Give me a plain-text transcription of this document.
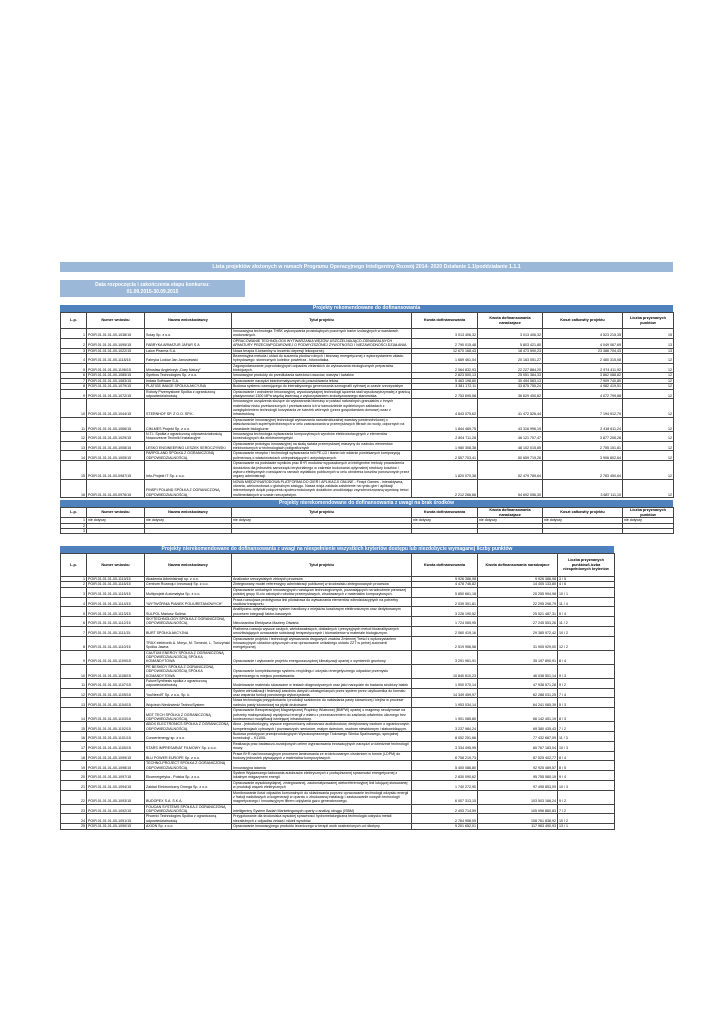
Lista projektów złożonych w ramach Programu Operacyjnego Inteligentny Rozwój 2014- 2020 Działanie 1.1/poddziałanie 1.1.1
Data rozpoczęcia i zakończenia etapu konkursu:
01.09.2015-30.09.2015
Projekty rekomendowane do dofinansowania
L.p.	Numer wniosku	Nazwa wnioskodawcy	Tytuł projektu	Kwota dofinansowania	Kwota dofinansowania naradzajace	Koszt całkowity projektu	Liczba przyznanych punktów
1	POIR.01.01.01-00-1038/15	Solay Sp. z o.o.	Innowacyjna technologia THBK wykonywania prostokątnych pozornych barier izolacyjnych w warstwach wodonośnych.	3 013 406,32	3 013 406,32	4 523 215,35	15
2	POIR.01.01.01-00-1095/15	FABRYKA ARMATUR JAFAR S.A	OPRACOWANIE TECHNOLOGII WYTWARZANIA WĘŻÓW USZCZELNIAJĄCO-ODNAWIALNYCH ARMATURY PRZECIWPOŻAROWEJ O PODWYŻSZONEJ ŻYWOTNOŚCI I NIEZAWODNOŚCI DZIAŁANIA	2 790 015,48	5 803 421,80	4 049 067,69	13
3	POIR.01.01.01-00-1022/15	Lalon Pharma S.A.	Nowa terapia Il-ketaminy w leczeniu depresji lekoopornej.	12 670 168,43	18 473 590,23	23 386 704,43	13
4	POIR.01.01.01-00-1118/15	Fabryka Lodów Jan Janusiewski	Bezemisyjna metoda i układ do suszenia płodów rolnych i biomasy energetycznej z wykorzystaniem układu hybrydowego: słonecznych kolektor powietrza - fotowoltaika.	1 689 461,04	20 163 051,27	2 480 315,08	12
5	POIR.01.01.01-00-1106/15	Mirosław Angielczyk „Dary Natury”	Zagospodarowanie poprodukcyjnych odpadów zielarskich do wytwarzania ekologicznych preparatów biobójczych.	2 064 832,93	22 227 884,20	2 974 411,92	12
6	POIR.01.01.01-00-1085/15	Synthos Technologies Sp. z o.o.	Innowacyjne produkty do przedłużania świeżości owoców, warzyw i kwiatów	2 823 500,13	25 051 384,33	3 862 088,82	12
7	POIR.01.01.01-00-1083/15	Indata Software S.A.	Opracowanie narzędzi bioinformatycznych do poszukiwania leków	5 463 198,80	30 494 583,13	7 909 740,80	12
8	POIR.01.01.01-00-1079/15	PLATIGE IMAGE SPÓŁKA AKCYJNA	Budowa systemu ozonującego do interaktywnego generowania szorognafii cyfrowej w czasie rzeczywistym	3 381 172,11	33 875 755,24	4 982 419,51	12
9	POIR.01.01.01-00-1072/15	Roboty Przemysłowe Spółka z ograniczoną odpowiedzialnością	Opracowanie i wdrożenie innowacyjnej, wysokowydajnej technologii łączenia stali wysokowytrzymałej z granicą plastyczności 1300 MPa wiązką laserową z wykorzystaniem zrobotyzowanego stanowiska.	2 753 695,58	36 629 450,82	4 072 799,88	12
10	POIR.01.01.01-00-1044/15	STERNHOF SP. Z O.O. SP.K.	Innowacyjne urządzenia służące do wytwarzania biomasy w postaci naturalnych granulatów z innych materiałów nisko przetworzonych i przetwarzania ich w samodzielnie wydzielonych zakładach z uwzględnieniem technologii korzystania ze ścieżek wtórnych (przez gospodarstwa domowe) wraz z infrastrukturą.	4 843 075,62	41 472 526,44	7 194 912,79	12
11	POIR.01.01.01-00-1066/15	CIM-MES Projekt Sp. z o.o.	Opracowanie innowacyjnej technologii wytwarzania nanostrukturalnej warstwy powierzchniowej o właściwościach superhydrofobowych w celu zastosowania w przemysłowych filtrach do wody, odpornych na zarastanie biologiczne	1 844 469,75	43 316 996,19	2 418 611,24	12
12	POIR.01.01.01-00-1029/15	N.T.I. Spółka z ograniczoną odpowiedzialnością Nowoczesne Techniki Instalacyjne	Innowacyjna technologia wytwarzania kompozytowych wyrobów elektroizolacyjnych z elementów konstrukcyjnych dla elektroenergetyki	2 804 711,28	46 121 707,47	3 877 206,28	12
13	POIR.01.01.01-00-1008/15	LESKO ENGINEERING LESZEK SEROCZYŃSKI	Opracowanie prototypu innowacyjnej na skalę świata przemysłowej maszyny do nadruku elementów elektronicznych w technologiach poligraficznych	1 980 308,38	48 102 015,85	2 755 151,81	12
14	POIR.01.01.01-00-1005/15	PARPOLAND SPÓŁKA Z OGRANICZONĄ ODPOWIEDZIALNOŚCIĄ	Opracowanie receptur i technologii wytwarzania folii PE-LD i tkanin lub włóknin powlekanych kompozycją polimerową o właściwościach uniepalniających i antystatycznych.	2 557 703,41	50 659 719,26	3 906 802,64	12
15	POIR.01.01.01-00-0987/15	Info-Projekt IT Sp. z o.o.	Opracowanie na podstawie wyników prac B+R modułów wyposażonych w inteligentne metody prowadzenia doradztwa dla jednostek samorządu terytorialnego w zakresie budowania optymalnej struktury kosztów i wyboru efektywnych rozwiązań w ramach wydatków publicznych w celu obniżenia kosztów ponoszonych przez organy administracji.	1 820 070,38	52 479 789,64	2 783 450,64	12
16	POIR.01.01.01-00-0976/15	FINSPI POLAND SPÓŁKA Z OGRANICZONĄ ODPOWIEDZIALNOŚCIĄ	NOWA MIĘDZYNARODOWA PLATFORMA DO GIER I APLIKACJI ONLINE - Finspi Games - interaktywna, otwarta, wieloosobowa o globalnym zasięgu. Nasza wizja zakłada zaistnienie na rynku gier i aplikacji internetowych dzięki połączeniu społecznościowych dodatków umożliwiając zsynchronizowaną wymianę treści multimedialnych w czasie rzeczywistym.	2 212 266,66	54 692 056,30	3 687 111,10	12
Projekty nierekomendowane do dofinansowania z uwagi na brak środków
L.p.	Numer wniosku	Nazwa wnioskodawcy	Tytuł projektu	Kwota dofinansowania	Kwota dofinansowania naradzajace	Koszt całkowity projektu	Liczba przyznanych punktów
1	nie dotyczy	nie dotyczy	nie dotyczy	nie dotyczy	nie dotyczy	nie dotyczy	nie dotyczy
2							
3							
Projekty nierekomendowane do dofinansowania z uwagi na niespełnienie wszystkich kryteriów dostępu lub niezdobycie wymaganej liczby punktów
L.p.	Numer wniosku	Nazwa wnioskodawcy	Tytuł projektu	Kwota dofinansowania	Kwota dofinansowania naradzajace	Liczba przyznanych punktów/Liczba niespełnionych kryteriów
1	POIR.01.01.01-00-1119/15	Akademia Administracji sp. z o.o.	Analizator rzeczywistych zbiorych procesów	9 926 386,98	9 926 386,98	3 / 5
2	POIR.01.01.01-00-1116/15	Centrum Rozwoju i Innowacji Sp. z o.o.	Zintegrowany model referencyjny administracji publicznej w środowisku zintegrowanych procesów	4 478 746,82	14 405 133,80	4 / 6
3	POIR.01.01.01-00-1115/15	Multiprojekt Automatyka Sp. z o.o.	Opracowanie unikalnych innowacyjnych rozwiązań technologicznych, pozwalających na wdrożenie pierwszej polskiej grupy III-cio osiowych robotów przemysłowych, zbudowanych z materiałów kompozytowych.	5 850 661,18	20 255 994,98	10 / 1
4	POIR.01.01.01-00-1114/15	“WYTWÓRNIA PIANEK POLIURETANOWYCH”	Praca rozwojowa prototypowa linii pilotażowa do wytwarzania elementów wibroizolacyjnych na potrzeby środków transportu.	2 039 301,81	22 295 296,79	11 / 4
5	POIR.01.01.01-00-1113/15	SULPOL Mariusz Sulima	Analityczno-optymalizacyjny system handlowy z miejsków kosztowym elektronicznym oraz dedykowanym procesem integracji faktur-kasowych.	3 226 190,52	25 521 487,31	5 / 4
6	POIR.01.01.01-00-1112/15	SKYTECHNOLOGY SPÓŁKA Z OGRANICZONĄ ODPOWIEDZIALNOŚCIĄ	Nieczwardna Efektywna Maziery Otwarta	1 724 065,95	27 245 553,26	11 / 2
7	POIR.01.01.01-00-1111/15	BURT SPÓŁKA AKCYJNA	Platforma rozwoju wysoce czułych, wielokanałowych, dokładnych i precyzyjnych metod bioanalitycznych umożliwiających oznaczanie substancji terapeutycznych i biomarkerów w materiale biologicznym.	2 060 419,16	29 385 972,42	10 / 2
8	POIR.01.01.01-00-1110/15	TRAX elektronik A. Moryc, M. Tomecki, L. Turczyński Spółka Jawna	Opracowanie projektu i technologii wytwarzania drogowych znaków Zmiennej Treści z wykorzystaniem innowacyjnych układów optycznych oraz opracowanie unikalnego układu ZZT w pełnej autonomii energetycznej.	2 519 956,58	31 905 929,00	12 / 2
9	POIR.01.01.01-00-1109/15	CAUTUM ENERGY SPÓŁKA Z OGRANICZONĄ ODPOWIEDZIALNOŚCIĄ SPÓŁKA KOMANDYTOWA	Opracowanie i wykonanie projektu energooszczędnej klimatyzacji opartej o wymiennik gruntowy.	3 291 961,91	35 197 890,91	8 / 4
10	POIR.01.01.01-00-1108/15	PE BESKIDY SPÓŁKA Z OGRANICZONĄ ODPOWIEDZIALNOŚCIĄ SPÓŁKA KOMANDYTOWA	Opracowanie kompleksowego systemu recyklingu i odzysku energetycznego odpadów przemysłu papierniczego w miejscu powstawania.	10 840 610,23	46 038 501,14	9 / 3
11	POIR.01.01.01-00-1107/15	FutureSynthesis spółka z ograniczoną odpowiedzialnością	Modelowanie materiału stosowane w testach diagnostycznych oraz jako narzędzie do badania struktury białek	1 900 070,14	47 938 571,28	9 / 2
12	POIR.01.01.01-00-1105/15	YouNeedIT Sp. z o.o. Sp. k.	System wirtualizacji i federacji zasobów danych udostępnianych przez system przez użytkownika do formatu oraz wsparcia funkcji ponownego wykorzystania.	14 349 459,97	62 288 031,25	7 / 4
13	POIR.01.01.01-00-1104/15	Wojciech Niedźwiedź TechnoSystem	Nowa technologia przygotowania i produkcji szablonów do nakładania pasty lutowniczej i klejów w procesie nadruku pasty lutowniczej na płytki drukowane	1 953 034,14	64 241 065,39	5 / 3
14	POIR.01.01.01-00-1103/15	MGT TECH SPÓŁKA Z OGRANICZONĄ ODPOWIEDZIALNOŚCIĄ	Opracowanie Bezoperacyjnej Magnetycznej Prądnicy Wiatrowej (BMPW) opartej o magnesy neodymowe na potrzeby maksymalizacji wydajności energii z wiatru z przeznaczeniem do zasilania odwiertów ulicznego bez konieczności modyfikacji istniejącej infrastruktury.	1 901 085,80	66 142 451,19	8 / 3
15	POIR.01.01.01-00-1102/15	ABOX ELECTRONICS SPÓŁKA Z OGRANICZONĄ ODPOWIEDZIALNOŚCIĄ	Abox - jednofunkcyjny, wysoce ergonomiczny odtwarzacz audiobooków, dedykowany osobom o ograniczonych kompetencjach cyfrowych i poznawczych: seniorom, małym dzieciom, osobom niewidomym i słabowidzącym.	3 237 984,24	69 380 435,43	7 / 2
16	POIR.01.01.01-00-1101/15	Concertenergy sp. z o.o.	Budowa prototypów przedprodukcyjnych Wysokosprawnego Tłokowego Silnika Spalinowego, specjalnej konstrukcji – K1100L	8 052 251,66	77 432 687,09	11 / 3
17	POIR.01.01.01-00-1100/15	STARS IMPRESARIAT FILMOWY Sp. z o.o.	Realizacja prac badawczo-rozwojowych celem wypracowania innowacyjnych narzędzi w dziedzinie technologii mowy.	3 334 495,95	80 767 183,04	10 / 3
18	POIR.01.01.01-00-1099/15	BLU POWER EUROPE Sp. z o.o.	Prace B+R nad innowacyjnym procesem laminowania ze zróżnicowanym ciśnieniem w formie (LDPM) do budowy jednostek pływających z materiałów kompozytowych.	6 758 219,73	87 525 402,77	8 / 4
19	POIR.01.01.01-00-1098/15	TECHNO-PROJECT SPÓŁKA Z OGRANICZONĄ ODPOWIEDZIALNOŚCIĄ	Innowacyjna latarnia	5 400 086,80	92 925 489,57	8 / 5
20	POIR.01.01.01-00-1097/15	Ekoenergetyka - Polska Sp. z o.o.	System Wydawczego ładowania autobusów elektrycznych z podwyższonej sprawności energetycznej z lokalnym magazynem energii.	2 830 090,62	95 755 580,19	9 / 4
21	POIR.01.01.01-00-1094/15	Zakład Elektroniczny Omega Sp. z o.o.	Opracowanie wysokowydajnej, zintegrowanej, zautomatyzowanej wielorefererncyjnej linii lutującej stosowanej w produkcji wiązek elektrycznych	1 740 272,90	97 495 853,09	10 / 3
22	POIR.01.01.01-00-1093/15	BUDOPEX S.A. S.K.A.	Monitorowanie ilości odpadów komunalnych do składowania poprzez opracowanie technologii odzysku energii z frakcji nadsitowych w kogeneracji w oparciu o zbudowaną instalację i zastosowanie nowych technologii magnetycznego i innowacyjnym filtrem odpylania gazu generatorowego.	6 007 313,15	103 503 166,24	9 / 2
23	POIR.01.01.01-00-1092/15	FOUCAN SYSTEMS SPÓŁKA Z OGRANICZONĄ ODPOWIEDZIALNOŚCIĄ	Intelligentny System Badań Marketingowych oparty o analizę okrągu (ISBM)	2 493 714,59	105 996 880,83	7 / 2
24	POIR.01.01.01-00-1091/15	Phoenix Technologies Spółka z ograniczoną odpowiedzialnością	Przygotowanie dla środowiska wysokiej sprawności hydrometalurgiczna technologia odzysku metali niezależnych z odpadów żelaza i nikieli wyrobów.	2 764 958,09	108 761 838,92	10 / 2
25	POIR.01.01.01-00-1090/15	AXION Sp. z o.o.	Opracowanie innowacyjnego produktu leczniczego w terapii osób uzależnionych od nikotyny.	9 201 652,01	117 963 490,93	13 / 1
